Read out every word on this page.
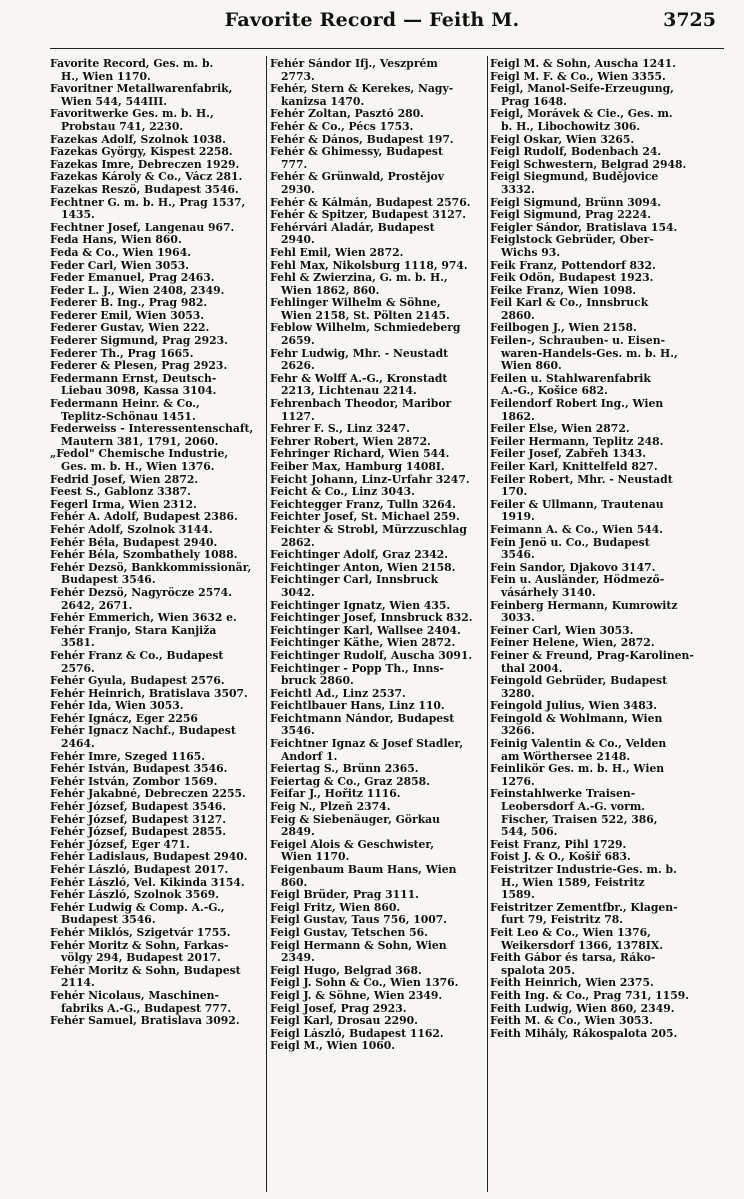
Favorite Record — Feith M.	3725
Favorite Record, Ges. m. b.
H., Wien 1170.
Favoritner Metallwarenfabrik,
Wien 544, 544III.
Favoritwerke Ges. m. b. H.,
Probstau 741, 2230.
Fazekas Adolf, Szolnok 1038.
Fazekas György, Kispest 2258.
Fazekas Imre, Debreczen 1929.
Fazekas Károly & Co., Vácz 281.
Fazekas Reszö, Budapest 3546.
Fechtner G. m. b. H., Prag 1537,
1435.
Fechtner Josef, Langenau 967.
Feda Hans, Wien 860.
Feda & Co., Wien 1964.
Feder Carl, Wien 3053.
Feder Emanuel, Prag 2463.
Feder L. J., Wien 2408, 2349.
Federer B. Ing., Prag 982.
Federer Emil, Wien 3053.
Federer Gustav, Wien 222.
Federer Sigmund, Prag 2923.
Federer Th., Prag 1665.
Federer & Plesen, Prag 2923.
Federmann Ernst, Deutsch-
Liebau 3098, Kassa 3104.
Federmann Heinr. & Co.,
Teplitz-Schönau 1451.
Federweiss - Interessentenschaft,
Mautern 381, 1791, 2060.
„Fedol" Chemische Industrie,
Ges. m. b. H., Wien 1376.
Fedrid Josef, Wien 2872.
Feest S., Gablonz 3387.
Fegerl Irma, Wien 2312.
Fehér A. Adolf, Budapest 2386.
Fehér Adolf, Szolnok 3144.
Fehér Béla, Budapest 2940.
Fehér Béla, Szombathely 1088.
Fehér Dezsö, Bankkommissionär,
Budapest 3546.
Fehér Dezsö, Nagyröcze 2574.
2642, 2671.
Fehér Emmerich, Wien 3632 e.
Fehér Franjo, Stara Kanjiža
3581.
Fehér Franz & Co., Budapest
2576.
Fehér Gyula, Budapest 2576.
Fehér Heinrich, Bratislava 3507.
Fehér Ida, Wien 3053.
Fehér Ignácz, Eger 2256
Fehér Ignacz Nachf., Budapest
2464.
Fehér Imre, Szeged 1165.
Fehér István, Budapest 3546.
Fehér István, Zombor 1569.
Fehér Jakabné, Debreczen 2255.
Fehér József, Budapest 3546.
Fehér József, Budapest 3127.
Fehér József, Budapest 2855.
Fehér József, Eger 471.
Fehér Ladislaus, Budapest 2940.
Fehér László, Budapest 2017.
Fehér László, Vel. Kikinda 3154.
Fehér László, Szolnok 3569.
Fehér Ludwig & Comp. A.-G.,
Budapest 3546.
Fehér Miklós, Szigetvár 1755.
Fehér Moritz & Sohn, Farkas-
völgy 294, Budapest 2017.
Fehér Moritz & Sohn, Budapest
2114.
Fehér Nicolaus, Maschinen-
fabriks A.-G., Budapest 777.
Fehér Samuel, Bratislava 3092.
Fehér Sándor Ifj., Veszprém
2773.
Fehér, Stern & Kerekes, Nagy-
kanizsa 1470.
Fehér Zoltan, Pasztó 280.
Fehér & Co., Pécs 1753.
Fehér & Dános, Budapest 197.
Fehér & Ghimessy, Budapest
777.
Fehér & Grünwald, Prostějov
2930.
Fehér & Kálmán, Budapest 2576.
Fehér & Spitzer, Budapest 3127.
Fehérvári Aladár, Budapest
2940.
Fehl Emil, Wien 2872.
Fehl Max, Nikolsburg 1118, 974.
Fehl & Zwierzina, G. m. b. H.,
Wien 1862, 860.
Fehlinger Wilhelm & Söhne,
Wien 2158, St. Pölten 2145.
Feblow Wilhelm, Schmiedeberg
2659.
Fehr Ludwig, Mhr. - Neustadt
2626.
Fehr & Wolff A.-G., Kronstadt
2213, Lichtenau 2214.
Fehrenbach Theodor, Maribor
1127.
Fehrer F. S., Linz 3247.
Fehrer Robert, Wien 2872.
Fehringer Richard, Wien 544.
Feiber Max, Hamburg 1408I.
Feicht Johann, Linz-Urfahr 3247.
Feicht & Co., Linz 3043.
Feichtegger Franz, Tulln 3264.
Feichter Josef, St. Michael 259.
Feichter & Strobl, Mürzzuschlag
2862.
Feichtinger Adolf, Graz 2342.
Feichtinger Anton, Wien 2158.
Feichtinger Carl, Innsbruck
3042.
Feichtinger Ignatz, Wien 435.
Feichtinger Josef, Innsbruck 832.
Feichtinger Karl, Wallsee 2404.
Feichtinger Käthe, Wien 2872.
Feichtinger Rudolf, Auscha 3091.
Feichtinger - Popp Th., Inns-
bruck 2860.
Feichtl Ad., Linz 2537.
Feichtlbauer Hans, Linz 110.
Feichtmann Nándor, Budapest
3546.
Feichtner Ignaz & Josef Stadler,
Andorf 1.
Feiertag S., Brünn 2365.
Feiertag & Co., Graz 2858.
Feifar J., Hořitz 1116.
Feig N., Plzeň 2374.
Feig & Siebenäuger, Görkau
2849.
Feigel Alois & Geschwister,
Wien 1170.
Feigenbaum Baum Hans, Wien
860.
Feigl Brüder, Prag 3111.
Feigl Fritz, Wien 860.
Feigl Gustav, Taus 756, 1007.
Feigl Gustav, Tetschen 56.
Feigl Hermann & Sohn, Wien
2349.
Feigl Hugo, Belgrad 368.
Feigl J. Sohn & Co., Wien 1376.
Feigl J. & Söhne, Wien 2349.
Feigl Josef, Prag 2923.
Feigl Karl, Drosau 2290.
Feigl László, Budapest 1162.
Feigl M., Wien 1060.
Feigl M. & Sohn, Auscha 1241.
Feigl M. F. & Co., Wien 3355.
Feigl, Manol-Seife-Erzeugung,
Prag 1648.
Feigl, Morávek & Cie., Ges. m.
b. H., Libochowitz 306.
Feigl Oskar, Wien 3265.
Feigl Rudolf, Bodenbach 24.
Feigl Schwestern, Belgrad 2948.
Feigl Siegmund, Budějovice
3332.
Feigl Sigmund, Brünn 3094.
Feigl Sigmund, Prag 2224.
Feigler Sándor, Bratislava 154.
Feiglstock Gebrüder, Ober-
Wichs 93.
Feik Franz, Pottendorf 832.
Feik Ödön, Budapest 1923.
Feike Franz, Wien 1098.
Feil Karl & Co., Innsbruck
2860.
Feilbogen J., Wien 2158.
Feilen-, Schrauben- u. Eisen-
waren-Handels-Ges. m. b. H.,
Wien 860.
Feilen u. Stahlwarenfabrik
A.-G., Košice 682.
Feilendorf Robert Ing., Wien
1862.
Feiler Else, Wien 2872.
Feiler Hermann, Teplitz 248.
Feiler Josef, Zabřeh 1343.
Feiler Karl, Knittelfeld 827.
Feiler Robert, Mhr. - Neustadt
170.
Feiler & Ullmann, Trautenau
1919.
Feimann A. & Co., Wien 544.
Fein Jenö u. Co., Budapest
3546.
Fein Sandor, Djakovo 3147.
Fein u. Ausländer, Hödmező-
vásárhely 3140.
Feinberg Hermann, Kumrowitz
3033.
Feiner Carl, Wien 3053.
Feiner Helene, Wien, 2872.
Feiner & Freund, Prag-Karolinen-
thal 2004.
Feingold Gebrüder, Budapest
3280.
Feingold Julius, Wien 3483.
Feingold & Wohlmann, Wien
3266.
Feinig Valentin & Co., Velden
am Wörthersee 2148.
Feinlikör Ges. m. b. H., Wien
1276.
Feinstahlwerke Traisen-
Leobersdorf A.-G. vorm.
Fischer, Traisen 522, 386,
544, 506.
Feist Franz, Pihl 1729.
Foist J. & O., Košiř 683.
Feistritzer Industrie-Ges. m. b.
H., Wien 1589, Feistritz
1589.
Feistritzer Zementfbr., Klagen-
furt 79, Feistritz 78.
Feit Leo & Co., Wien 1376,
Weikersdorf 1366, 1378IX.
Feith Gábor és tarsa, Ráko-
spalota 205.
Feith Heinrich, Wien 2375.
Feith Ing. & Co., Prag 731, 1159.
Feith Ludwig, Wien 860, 2349.
Feith M. & Co., Wien 3053.
Feith Mihály, Rákospalota 205.
